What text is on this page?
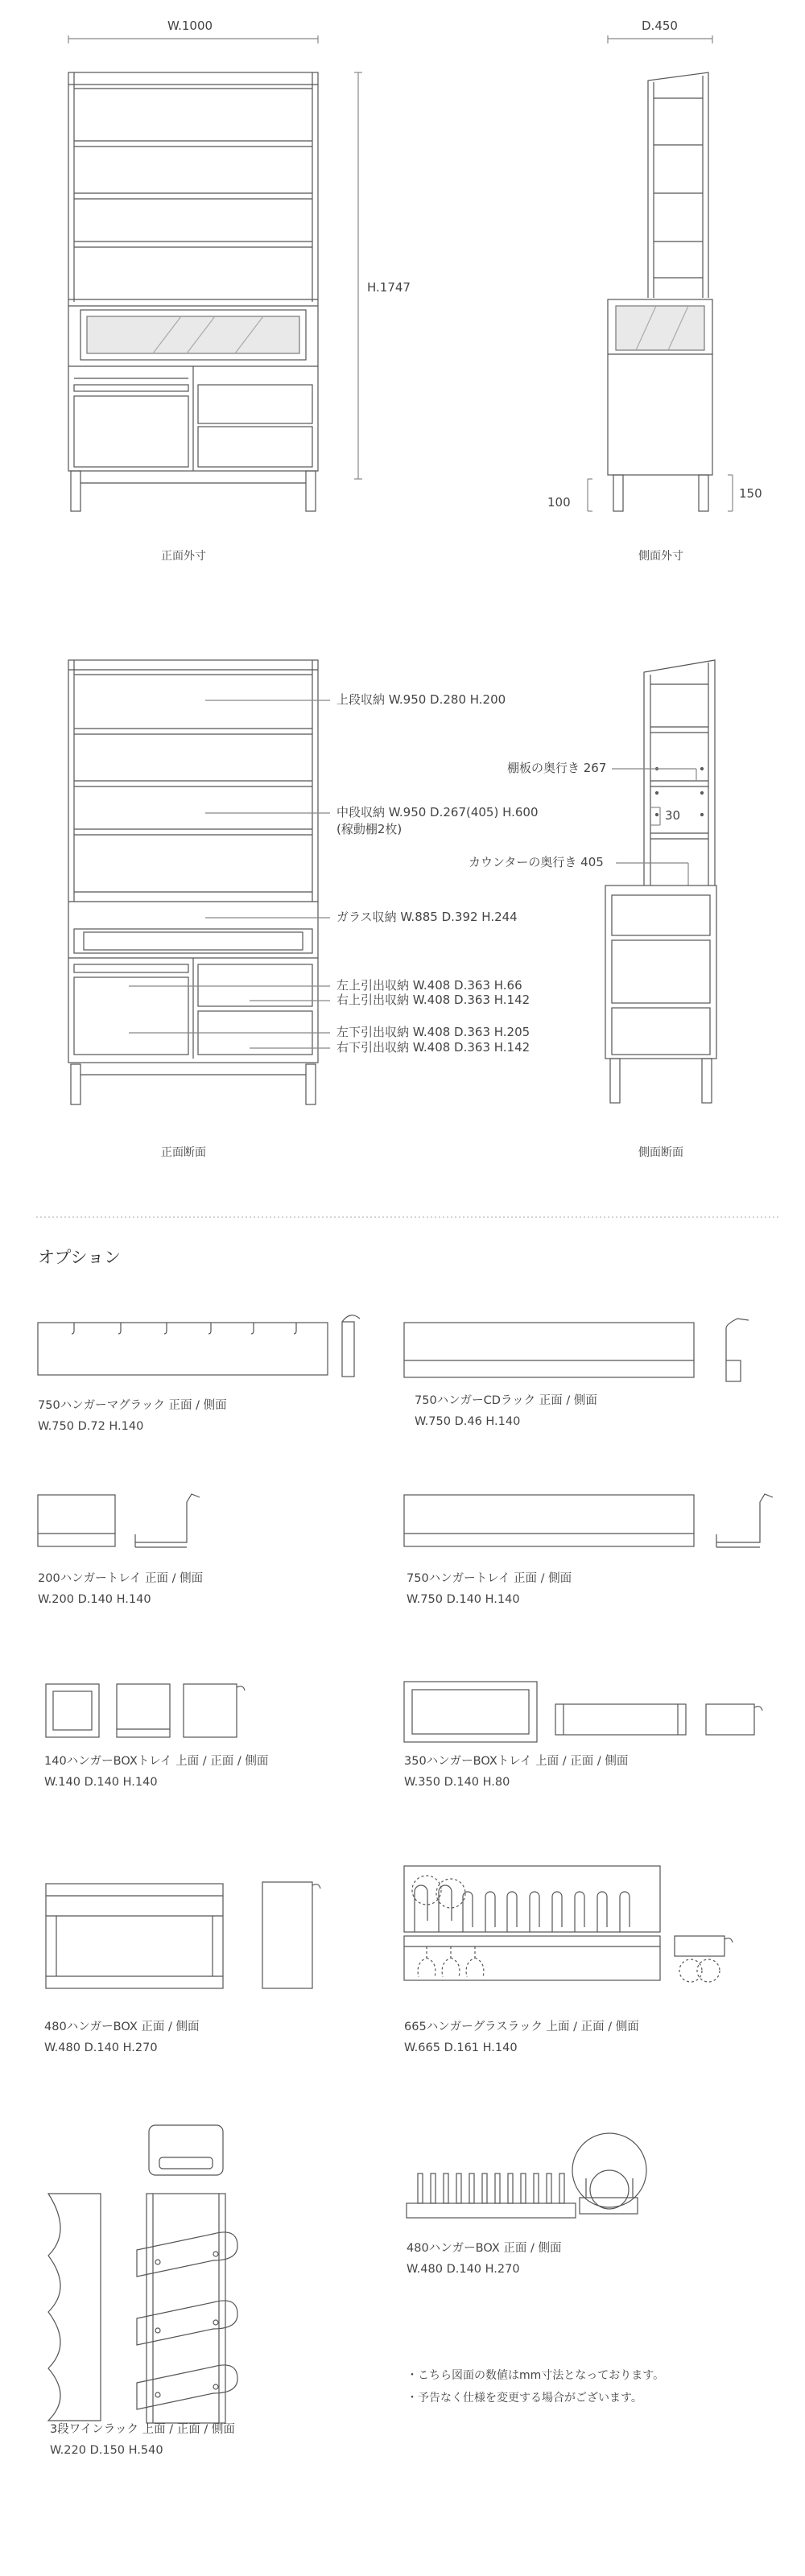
W.1000	D.450
H.1747
100
150
正面外寸	側面外寸
上段収納 W.950 D.280 H.200
中段収納 W.950 D.267(405) H.600
(稼動棚2枚)
ガラス収納 W.885 D.392 H.244
左上引出収納 W.408 D.363 H.66
右上引出収納 W.408 D.363 H.142
左下引出収納 W.408 D.363 H.205
右下引出収納 W.408 D.363 H.142
棚板の奥行き 267
30
カウンターの奥行き 405
正面断面	側面断面
オプション
750ハンガーマグラック 正面 / 側面
W.750 D.72 H.140
750ハンガーCDラック 正面 / 側面
W.750 D.46 H.140
200ハンガートレイ 正面 / 側面
W.200 D.140 H.140
750ハンガートレイ 正面 / 側面
W.750 D.140 H.140
140ハンガーBOXトレイ 上面 / 正面 / 側面
W.140 D.140 H.140
350ハンガーBOXトレイ 上面 / 正面 / 側面
W.350 D.140 H.80
480ハンガーBOX 正面 / 側面
W.480 D.140 H.270
665ハンガーグラスラック 上面 / 正面 / 側面
W.665 D.161 H.140
3段ワインラック 上面 / 正面 / 側面
W.220 D.150 H.540
480ハンガーBOX 正面 / 側面
W.480 D.140 H.270
・こちら図面の数値はmm寸法となっております。
・予告なく仕様を変更する場合がございます。
